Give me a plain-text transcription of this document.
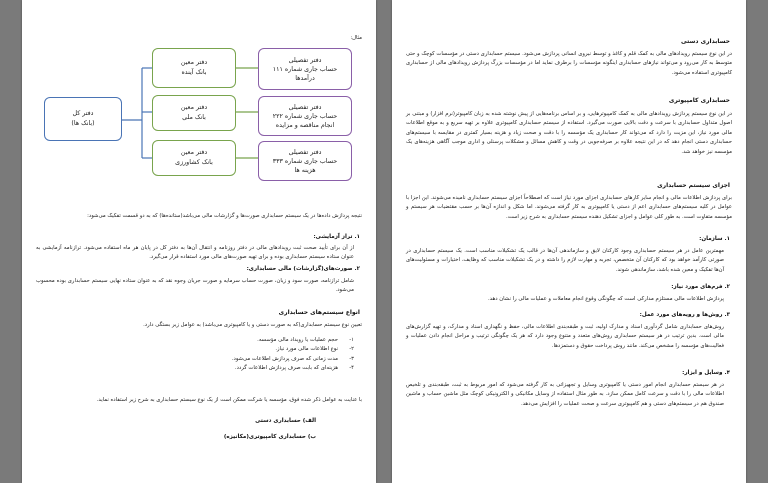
مثال:
دفتر کل
(بانک ها)
دفتر معین
بانک آینده
دفتر معین
بانک ملی
دفتر معین
بانک کشاورزی
دفتر تفصیلی
حساب جاری شماره ۱۱۱
درآمدها
دفتر تفصیلی
حساب جاری شماره ۲۲۲
انجام مناقصه و مزایده
دفتر تفصیلی
حساب جاری شماره ۳۳۳
هزینه ها
نتیجه پردازش داده‌ها در یک سیستم حسابداری صورت‌ها و گزارشات مالی می‌باشد(ستانده‌ها) که به دو قسمت تفکیک می‌شود:
۱. تراز آزمایشی:
از آن برای تأیید صحت ثبت رویدادهای مالی در دفتر روزنامه و انتقال آن‌ها به دفتر کل در پایان هر ماه استفاده می‌شود. ترازنامه آزمایشی به عنوان ستاده سیستم حسابداری بوده و برای تهیه صورت‌های مالی مورد استفاده قرار می‌گیرد.
۲. صورت‌های(گزارشات) مالی حسابداری:
شامل ترازنامه، صورت سود و زیان، صورت حساب سرمایه و صورت جریان وجوه نقد که به عنوان ستاده نهایی سیستم حسابداری بوده محسوب می‌شود.
انواع سیستم‌های حسابداری
تعیین نوع سیستم حسابداری(که به صورت دستی و یا کامپیوتری می‌باشد) به عوامل زیر بستگی دارد.
۱-
حجم عملیات یا رویداد مالی مؤسسه.
۲-
نوع اطلاعات مالی مورد نیاز.
۳-
مدت زمانی که صرف پردازش اطلاعات می‌شود.
۴-
هزینه‌ای که بابت صرف پردازش اطلاعات گردد.
با عنایت به عوامل ذکر شده فوق، مؤسسه یا شرکت ممکن است از یک نوع سیستم حسابداری به شرح زیر استفاده نماید.
الف) حسابداری دستی
ب) حسابداری کامپیوتری(مکانیزه)
حسابداری دستی
در این نوع سیستم رویدادهای مالی به کمک قلم و کاغذ و توسط نیروی انسانی پردازش می‌شود. سیستم حسابداری دستی در مؤسسات کوچک و حتی متوسط به کار می‌رود و می‌تواند نیازهای حسابداری اینگونه مؤسسات را برطرف نماید اما در مؤسسات بزرگ پردازش رویدادهای مالی از حسابداری کامپیوتری استفاده می‌شود.
حسابداری کامپیوتری
در این نوع سیستم پردازش رویدادهای مالی به کمک کامپیوترهایی، و بر اساس برنامه‌هایی از پیش نوشته شده به زبان کامپیوتر(نرم افزار) و مبتنی بر اصول متداول حسابداری با سرعت و دقت بالایی صورت می‌گیرد. استفاده از سیستم حسابداری کامپیوتری علاوه بر تهیه سریع و به موقع اطلاعات مالی مورد نیاز، این مزیت را دارد که می‌تواند کار حسابداری یک مؤسسه را با دقت و صحت زیاد و هزینه بسیار کمتری در مقایسه با سیستم‌های حسابداری دستی انجام دهد که در این نتیجه علاوه بر صرفه‌جویی در وقت و کاهش مسائل و مشکلات پرسنلی و اداری موجب آگاهی هزینه‌های یک مؤسسه نیز خواهد شد.
اجزای سیستم حسابداری
برای پردازش اطلاعات مالی و انجام سایر کارهای حسابداری اجزای مورد نیاز است که اصطلاحاً اجزای سیستم حسابداری نامیده می‌شوند. این اجزا با عوامل در کلیه سیستم‌های حسابداری اعم از دستی یا کامپیوتری به کار گرفته می‌شوند. اما شکل و اندازه آن‌ها بر حسب مقتضیات هر سیستم و مؤسسه متفاوت است. به طور کلی عوامل و اجزای تشکیل دهنده سیستم حسابداری به شرح زیر است.
۱. سازمان:
مهمترین عامل در هر سیستم حسابداری وجود کارکنان لایق و سازماندهی آن‌ها در قالب یک تشکیلات مناسب است. یک سیستم حسابداری در صورتی کارآمد خواهد بود که کارکنان آن متخصص، تجربه و مهارت لازم را داشته و در یک تشکیلات مناسب که وظایف، اختیارات و مسئولیت‌های آن‌ها تفکیک و معین شده باشد، سازماندهی شوند.
۲. فرم‌های مورد نیاز:
پردازش اطلاعات مالی مستلزم مدارکی است که چگونگی وقوع انجام معاملات و عملیات مالی را نشان دهد.
۳. روش‌ها و رویه‌های مورد عمل:
روش‌های حسابداری شامل گردآوری اسناد و مدارک اولیه، ثبت و طبقه‌بندی اطلاعات مالی، حفظ و نگهداری اسناد و مدارک، و تهیه گزارش‌های مالی است. بدین ترتیب در هر سیستم حسابداری روش‌های متعدد و متنوع وجود دارد که هر یک چگونگی ترتیب و مراحل انجام دادن عملیات و فعالیت‌های مؤسسه را مشخص می‌کند. مانند روش پرداخت حقوق و دستمزدها.
۴. وسایل و ابزار:
در هر سیستم حسابداری انجام امور دستی یا کامپیوتری وسایل و تجهیزاتی به کار گرفته می‌شود که امور مربوط به ثبت، طبقه‌بندی و تلخیص اطلاعات مالی را با دقت و سرعت کامل ممکن سازد. به طور مثال استفاده از وسایل مکانیکی و الکترونیکی کوچک مثل ماشین حساب و ماشین صندوق هم در سیستم‌های دستی و هم کامپیوتری سرعت و صحت عملیات را افزایش می‌دهد.
